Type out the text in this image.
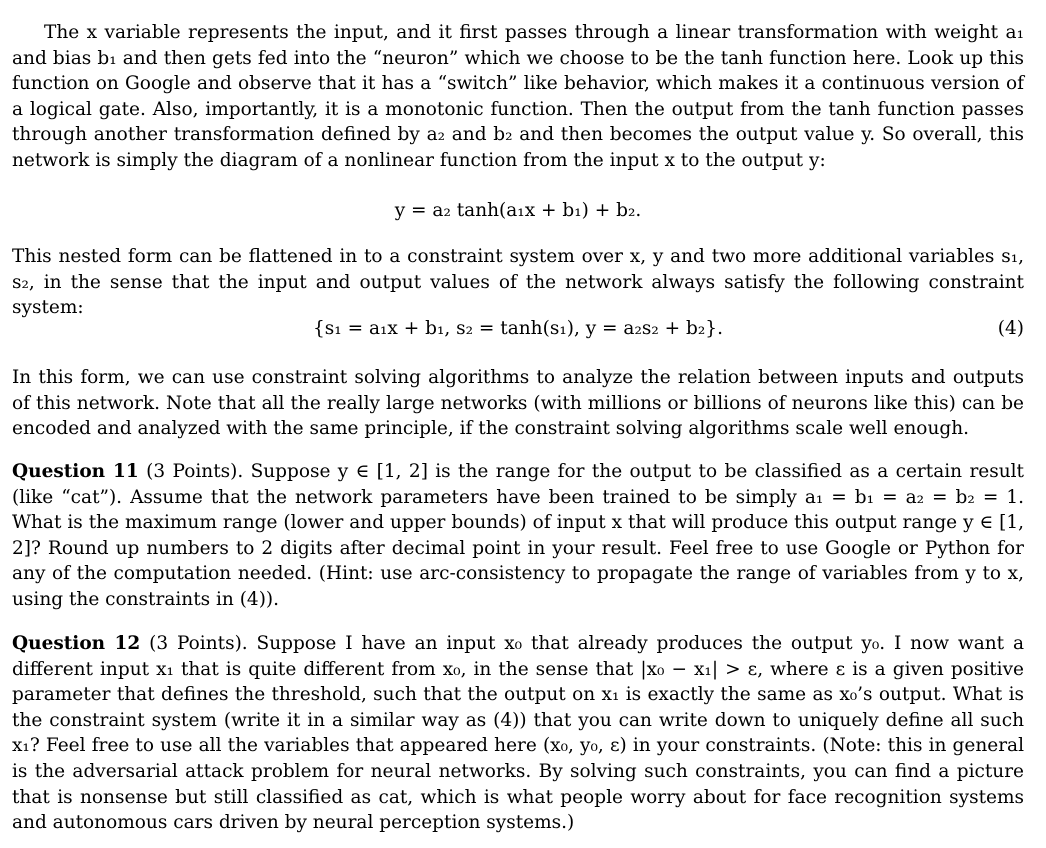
The x variable represents the input, and it first passes through a linear transformation with weight a₁ and bias b₁ and then gets fed into the “neuron” which we choose to be the tanh function here. Look up this function on Google and observe that it has a “switch” like behavior, which makes it a continuous version of a logical gate. Also, importantly, it is a monotonic function. Then the output from the tanh function passes through another transformation defined by a₂ and b₂ and then becomes the output value y. So overall, this network is simply the diagram of a nonlinear function from the input x to the output y:

y = a₂ tanh(a₁x + b₁) + b₂.

This nested form can be flattened in to a constraint system over x, y and two more additional variables s₁, s₂, in the sense that the input and output values of the network always satisfy the following constraint system:

{s₁ = a₁x + b₁, s₂ = tanh(s₁), y = a₂s₂ + b₂}.	(4)

In this form, we can use constraint solving algorithms to analyze the relation between inputs and outputs of this network. Note that all the really large networks (with millions or billions of neurons like this) can be encoded and analyzed with the same principle, if the constraint solving algorithms scale well enough.

Question 11 (3 Points). Suppose y ∈ [1, 2] is the range for the output to be classified as a certain result (like “cat”). Assume that the network parameters have been trained to be simply a₁ = b₁ = a₂ = b₂ = 1. What is the maximum range (lower and upper bounds) of input x that will produce this output range y ∈ [1, 2]? Round up numbers to 2 digits after decimal point in your result. Feel free to use Google or Python for any of the computation needed. (Hint: use arc-consistency to propagate the range of variables from y to x, using the constraints in (4)).

Question 12 (3 Points). Suppose I have an input x₀ that already produces the output y₀. I now want a different input x₁ that is quite different from x₀, in the sense that |x₀ − x₁| > ε, where ε is a given positive parameter that defines the threshold, such that the output on x₁ is exactly the same as x₀’s output. What is the constraint system (write it in a similar way as (4)) that you can write down to uniquely define all such x₁? Feel free to use all the variables that appeared here (x₀, y₀, ε) in your constraints. (Note: this in general is the adversarial attack problem for neural networks. By solving such constraints, you can find a picture that is nonsense but still classified as cat, which is what people worry about for face recognition systems and autonomous cars driven by neural perception systems.)
